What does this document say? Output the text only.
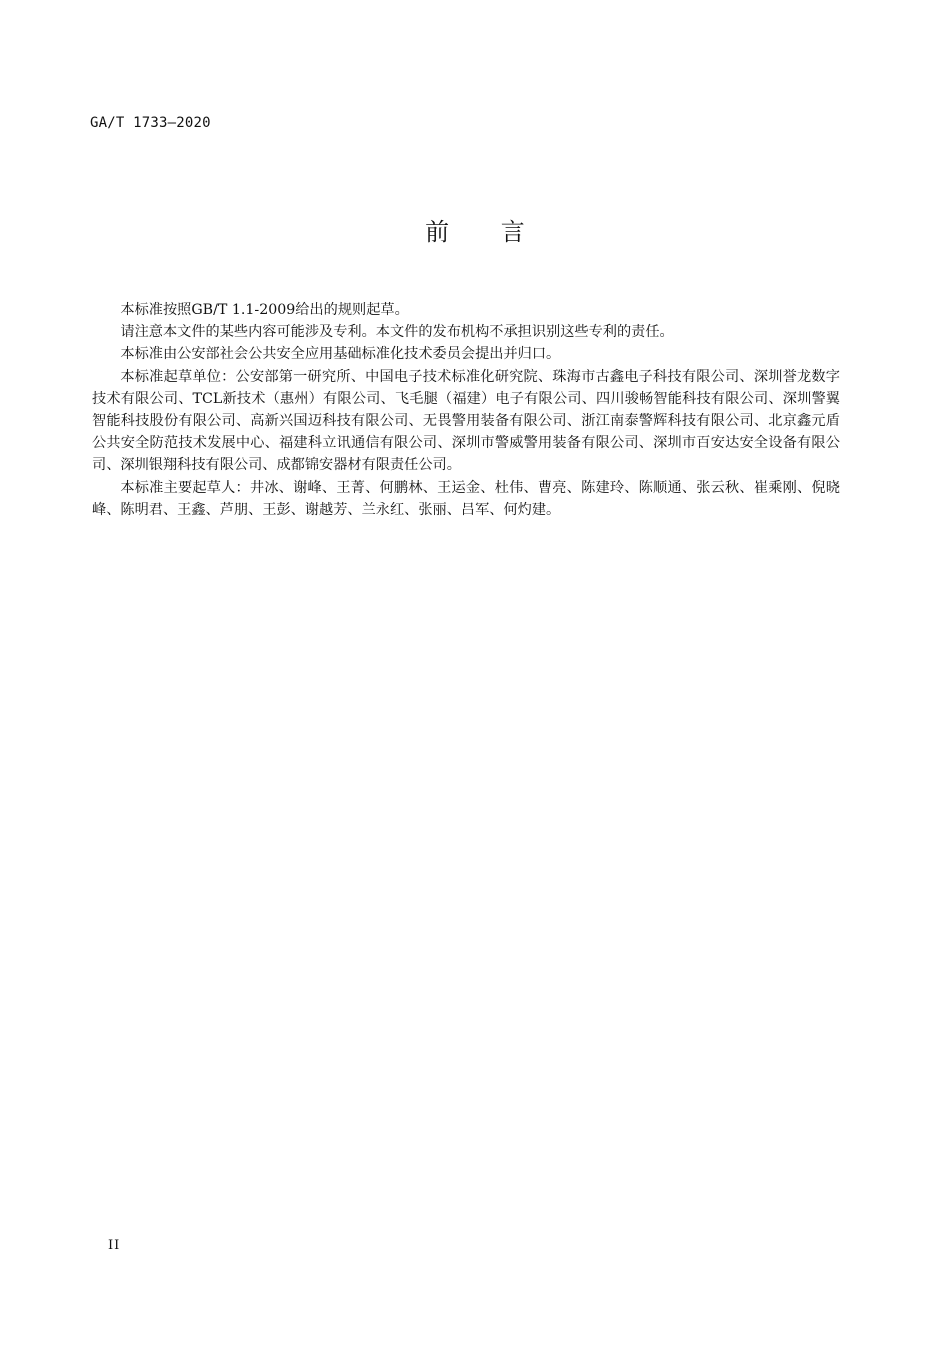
GA/T 1733—2020
前 言

本标准按照GB/T 1.1-2009给出的规则起草。

请注意本文件的某些内容可能涉及专利。本文件的发布机构不承担识别这些专利的责任。

本标准由公安部社会公共安全应用基础标准化技术委员会提出并归口。

本标准起草单位：公安部第一研究所、中国电子技术标准化研究院、珠海市古鑫电子科技有限公司、深圳誉龙数字技术有限公司、TCL新技术（惠州）有限公司、飞毛腿（福建）电子有限公司、四川骏畅智能科技有限公司、深圳警翼智能科技股份有限公司、高新兴国迈科技有限公司、无畏警用装备有限公司、浙江南泰警辉科技有限公司、北京鑫元盾公共安全防范技术发展中心、福建科立讯通信有限公司、深圳市警威警用装备有限公司、深圳市百安达安全设备有限公司、深圳银翔科技有限公司、成都锦安器材有限责任公司。

本标准主要起草人：井冰、谢峰、王菁、何鹏林、王运金、杜伟、曹亮、陈建玲、陈顺通、张云秋、崔乘刚、倪晓峰、陈明君、王鑫、芦朋、王彭、谢越芳、兰永红、张丽、吕军、何灼建。

II
